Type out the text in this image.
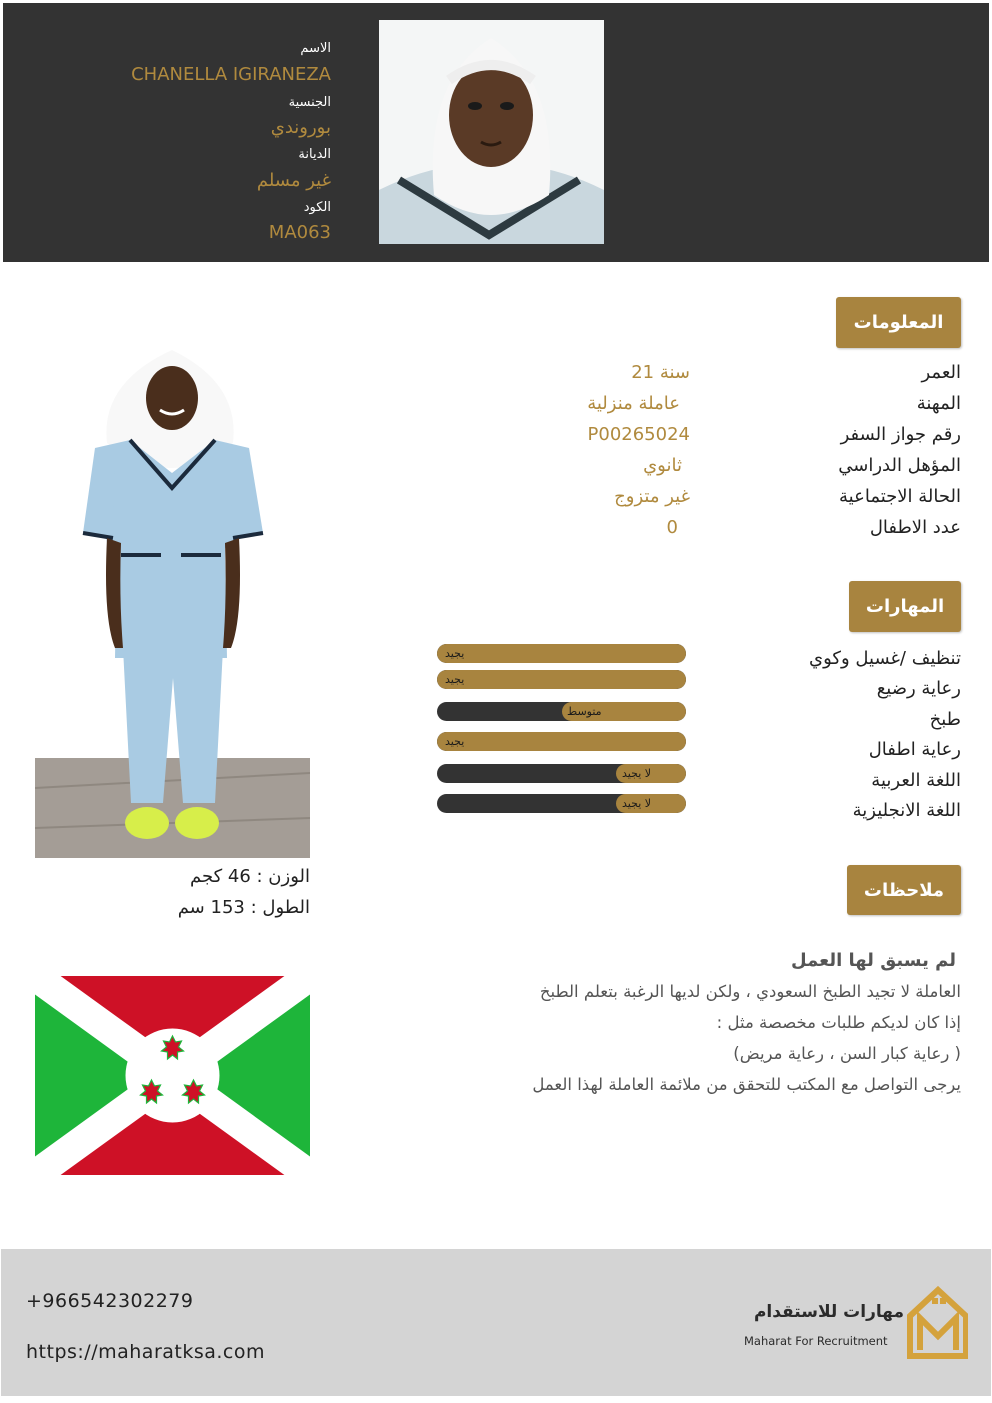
الاسم
CHANELLA IGIRANEZA
الجنسية
بوروندي
الديانة
غير مسلم
الكود
MA063
المعلومات
العمر
21 سنة
المهنة
عاملة منزلية
رقم جواز السفر
P00265024
المؤهل الدراسي
ثانوي
الحالة الاجتماعية
غير متزوج
عدد الاطفال
0
المهارات
تنظيف /غسيل وكوي
رعاية رضيع
طبخ
رعاية اطفال
اللغة العربية
اللغة الانجليزية
يجيد
يجيد
متوسط
يجيد
لا يجيد
لا يجيد
ملاحظات
لم يسبق لها العمل
العاملة لا تجيد الطبخ السعودي ، ولكن لديها الرغبة بتعلم الطبخ
إذا كان لديكم طلبات مخصصة مثل :
( رعاية كبار السن ، رعاية مريض)
يرجى التواصل مع المكتب للتحقق من ملائمة العاملة لهذا العمل
الوزن : 46 كجم
الطول : 153 سم
+966542302279
https://maharatksa.com
مهارات للاستقدام
Maharat For Recruitment
